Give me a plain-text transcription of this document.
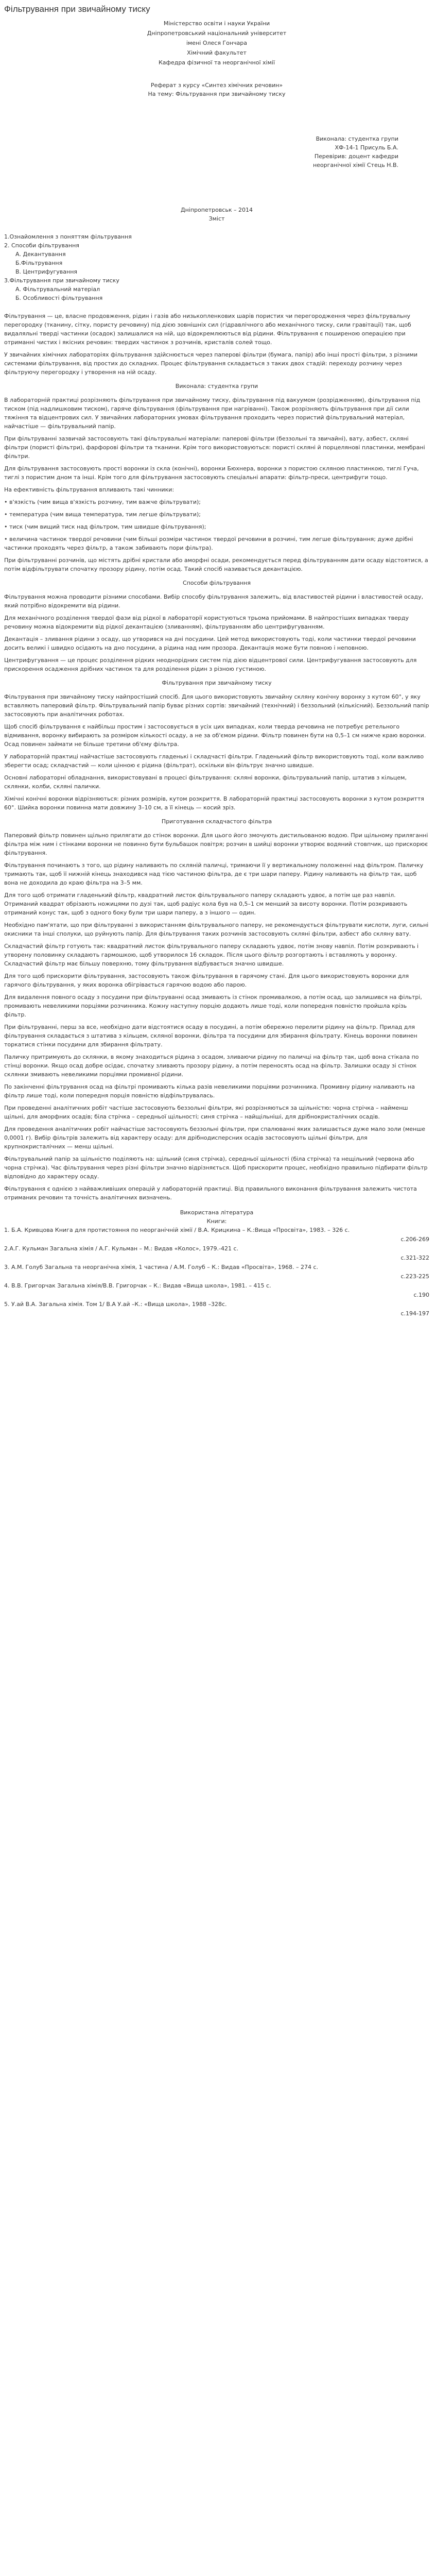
Фільтрування при звичайному тиску
Міністерство освіти і науки України
Дніпропетровський національний університет
імені Олеся Гончара
Хімічний факультет
Кафедра фізичної та неорганічної хімії
Реферат з курсу «Синтез хімічних речовин»
На тему: Фільтрування при звичайному тиску
Виконала: студентка групи
ХФ-14-1 Присуль Б.А.
Перевірив: доцент кафедри
неорганічної хімії Стець Н.В.
Дніпропетровськ – 2014
Зміст
1.Ознайомлення з поняттям фільтрування
2. Способи фільтрування
А. Декантування
Б.Фільтрування
В. Центрифугування
3.Фільтрування при звичайному тиску
А. Фільтрувальний матеріал
Б. Особливості фільтрування

Фільтрування — це, власне продовження, рідин і газів або низькопленкових шарів пористих чи перегородження через фільтрувальну перегородку (тканину, сітку, пористу речовину) під дією зовнішніх сил (гідравлічного або механічного тиску, сили гравітації) так, щоб видаляльні тверді частинки (осадок) залишалися на ній, що відокремлюються від рідини. Фільтрування є поширеною операцією при отриманні чистих і якісних речовин: твердих частинок з розчинів, кристалів солей тощо.

У звичайних хімічних лабораторіях фільтрування здійснюється через паперові фільтри (бумага, папір) або інші прості фільтри, з різними системами фільтрування, від простих до складних. Процес фільтрування складається з таких двох стадій: переходу розчину через фільтруючу перегородку і утворення на ній осаду.

Виконала: студентка групи

В лабораторній практиці розрізняють фільтрування при звичайному тиску, фільтрування під вакуумом (розрідженням), фільтрування під тиском (під надлишковим тиском), гаряче фільтрування (фільтрування при нагріванні). Також розрізняють фільтрування при дії сили тяжіння та відцентрових сил. У звичайних лабораторних умовах фільтрування проходить через пористий фільтрувальний матеріал, найчастіше — фільтрувальний папір.

При фільтруванні зазвичай застосовують такі фільтрувальні матеріали: паперові фільтри (беззольні та звичайні), вату, азбест, скляні фільтри (пористі фільтри), фарфорові фільтри та тканини. Крім того використовуються: пористі скляні й порцелянові пластинки, мембрані фільтри.

Для фільтрування застосовують прості воронки із скла (конічні), воронки Бюхнера, воронки з пористою скляною пластинкою, тиглі Гуча, тиглі з пористим дном та інші. Крім того для фільтрування застосовують спеціальні апарати: фільтр-преси, центрифуги тощо.

На ефективність фільтрування впливають такі чинники:

• в'язкість (чим вища в'язкість розчину, тим важче фільтрувати);

• температура (чим вища температура, тим легше фільтрувати);

• тиск (чим вищий тиск над фільтром, тим швидше фільтрування);

• величина частинок твердої речовини (чим більші розміри частинок твердої речовини в розчині, тим легше фільтрування; дуже дрібні частинки проходять через фільтр, а також забивають пори фільтра).

При фільтруванні розчинів, що містять дрібні кристали або аморфні осади, рекомендується перед фільтруванням дати осаду відстоятися, а потім відфільтрувати спочатку прозору рідину, потім осад. Такий спосіб називається декантацією.

Способи фільтрування

Фільтрування можна проводити різними способами. Вибір способу фільтрування залежить, від властивостей рідини і властивостей осаду, який потрібно відокремити від рідини.

Для механічного розділення твердої фази від рідкої в лабораторії користуються трьома прийомами. В найпростіших випадках тверду речовину можна відокремити від рідкої декантацією (зливанням), фільтруванням або центрифугуванням.

Декантація – зливання рідини з осаду, що утворився на дні посудини. Цей метод використовують тоді, коли частинки твердої речовини досить великі і швидко осідають на дно посудини, а рідина над ним прозора. Декантація може бути повною і неповною.

Центрифугування — це процес розділення рідких неоднорідних систем під дією відцентрової сили. Центрифугування застосовують для прискорення осадження дрібних частинок та для розділення рідин з різною густиною.

Фільтрування при звичайному тиску

Фільтрування при звичайному тиску найпростіший спосіб. Для цього використовують звичайну скляну конічну воронку з кутом 60°, у яку вставляють паперовий фільтр. Фільтрувальний папір буває різних сортів: звичайний (технічний) і беззольний (кількісний). Беззольний папір застосовують при аналітичних роботах.

Щоб спосіб фільтрування є найбільш простим і застосовується в усіх цих випадках, коли тверда речовина не потребує ретельного відмивання, воронку вибирають за розміром кількості осаду, а не за об'ємом рідини. Фільтр повинен бути на 0,5–1 см нижче краю воронки. Осад повинен займати не більше третини об'єму фільтра.

У лабораторній практиці найчастіше застосовують гладенькі і складчасті фільтри. Гладенький фільтр використовують тоді, коли важливо зберегти осад; складчастий — коли цінною є рідина (фільтрат), оскільки він фільтрує значно швидше.

Основні лабораторні обладнання, використовувані в процесі фільтрування: скляні воронки, фільтрувальний папір, штатив з кільцем, склянки, колби, скляні палички.

Хімічні конічні воронки відрізняються: різних розмірів, кутом розкриття. В лабораторній практиці застосовують воронки з кутом розкриття 60°. Шийка воронки повинна мати довжину 3–10 см, а її кінець — косий зріз.

Приготування складчастого фільтра

Паперовий фільтр повинен щільно прилягати до стінок воронки. Для цього його змочують дистильованою водою. При щільному приляганні фільтра між ним і стінками воронки не повинно бути бульбашок повітря; розчин в шийці воронки утворює водяний стовпчик, що прискорює фільтрування.

Фільтрування починають з того, що рідину наливають по скляній паличці, тримаючи її у вертикальному положенні над фільтром. Паличку тримають так, щоб її нижній кінець знаходився над тією частиною фільтра, де є три шари паперу. Рідину наливають на фільтр так, щоб вона не доходила до краю фільтра на 3–5 мм.

Для того щоб отримати гладенький фільтр, квадратний листок фільтрувального паперу складають удвоє, а потім ще раз навпіл. Отриманий квадрат обрізають ножицями по дузі так, щоб радіус кола був на 0,5–1 см менший за висоту воронки. Потім розкривають отриманий конус так, щоб з одного боку були три шари паперу, а з іншого — один.

Необхідно пам'ятати, що при фільтруванні з використанням фільтрувального паперу, не рекомендується фільтрувати кислоти, луги, сильні окисники та інші сполуки, що руйнують папір. Для фільтрування таких розчинів застосовують скляні фільтри, азбест або скляну вату.

Складчастий фільтр готують так: квадратний листок фільтрувального паперу складають удвоє, потім знову навпіл. Потім розкривають і утворену половинку складають гармошкою, щоб утворилося 16 складок. Після цього фільтр розгортають і вставляють у воронку. Складчастий фільтр має більшу поверхню, тому фільтрування відбувається значно швидше.

Для того щоб прискорити фільтрування, застосовують також фільтрування в гарячому стані. Для цього використовують воронки для гарячого фільтрування, у яких воронка обігрівається гарячою водою або парою.

Для видалення повного осаду з посудини при фільтруванні осад змивають із стінок промивалкою, а потім осад, що залишився на фільтрі, промивають невеликими порціями розчинника. Кожну наступну порцію додають лише тоді, коли попередня повністю пройшла крізь фільтр.

При фільтруванні, перш за все, необхідно дати відстоятися осаду в посудині, а потім обережно перелити рідину на фільтр. Прилад для фільтрування складається з штатива з кільцем, скляної воронки, фільтра та посудини для збирання фільтрату. Кінець воронки повинен торкатися стінки посудини для збирання фільтрату.

Паличку притримують до склянки, в якому знаходиться рідина з осадом, зливаючи рідину по паличці на фільтр так, щоб вона стікала по стінці воронки. Якщо осад добре осідає, спочатку зливають прозору рідину, а потім переносять осад на фільтр. Залишки осаду зі стінок склянки змивають невеликими порціями промивної рідини.

По закінченні фільтрування осад на фільтрі промивають кілька разів невеликими порціями розчинника. Промивну рідину наливають на фільтр лише тоді, коли попередня порція повністю відфільтрувалась.

При проведенні аналітичних робіт частіше застосовують беззольні фільтри, які розрізняються за щільністю: чорна стрічка – найменш щільні, для аморфних осадів; біла стрічка – середньої щільності; синя стрічка – найщільніші, для дрібнокристалічних осадів.

Для проведення аналітичних робіт найчастіше застосовують беззольні фільтри, при спалюванні яких залишається дуже мало золи (менше 0,0001 г). Вибір фільтрів залежить від характеру осаду: для дрібнодисперсних осадів застосовують щільні фільтри, для крупнокристалічних — менш щільні.

Фільтрувальний папір за щільністю поділяють на: щільний (синя стрічка), середньої щільності (біла стрічка) та нещільний (червона або чорна стрічка). Час фільтрування через різні фільтри значно відрізняється. Щоб прискорити процес, необхідно правильно підбирати фільтр відповідно до характеру осаду.

Фільтрування є однією з найважливіших операцій у лабораторній практиці. Від правильного виконання фільтрування залежить чистота отриманих речовин та точність аналітичних визначень.

Використана література
Книги:
1. Б.А. Кривцова Книга для протистояння по неорганічній хімії / В.А. Крицкина – К.:Вища «Проcвіта», 1983. – 326 с.
с.206-269
2.А.Г. Кульман Загальна хімія / А.Г. Кульман – М.: Видав «Колос», 1979.-421 с.
с.321-322
3. А.М. Голуб Загальна та неорганічна хімія, 1 частина / А.М. Голуб – К.: Видав «Просвіта», 1968. – 274 с.
с.223-225
4. В.В. Григорчак Загальна хімія/В.В. Григорчак – К.: Видав «Вища школа», 1981. – 415 с.
с.190
5. У.ай В.А. Загальна хімія. Том 1/ В.А У.ай –К.: «Вища школа», 1988 –328с.
с.194-197
